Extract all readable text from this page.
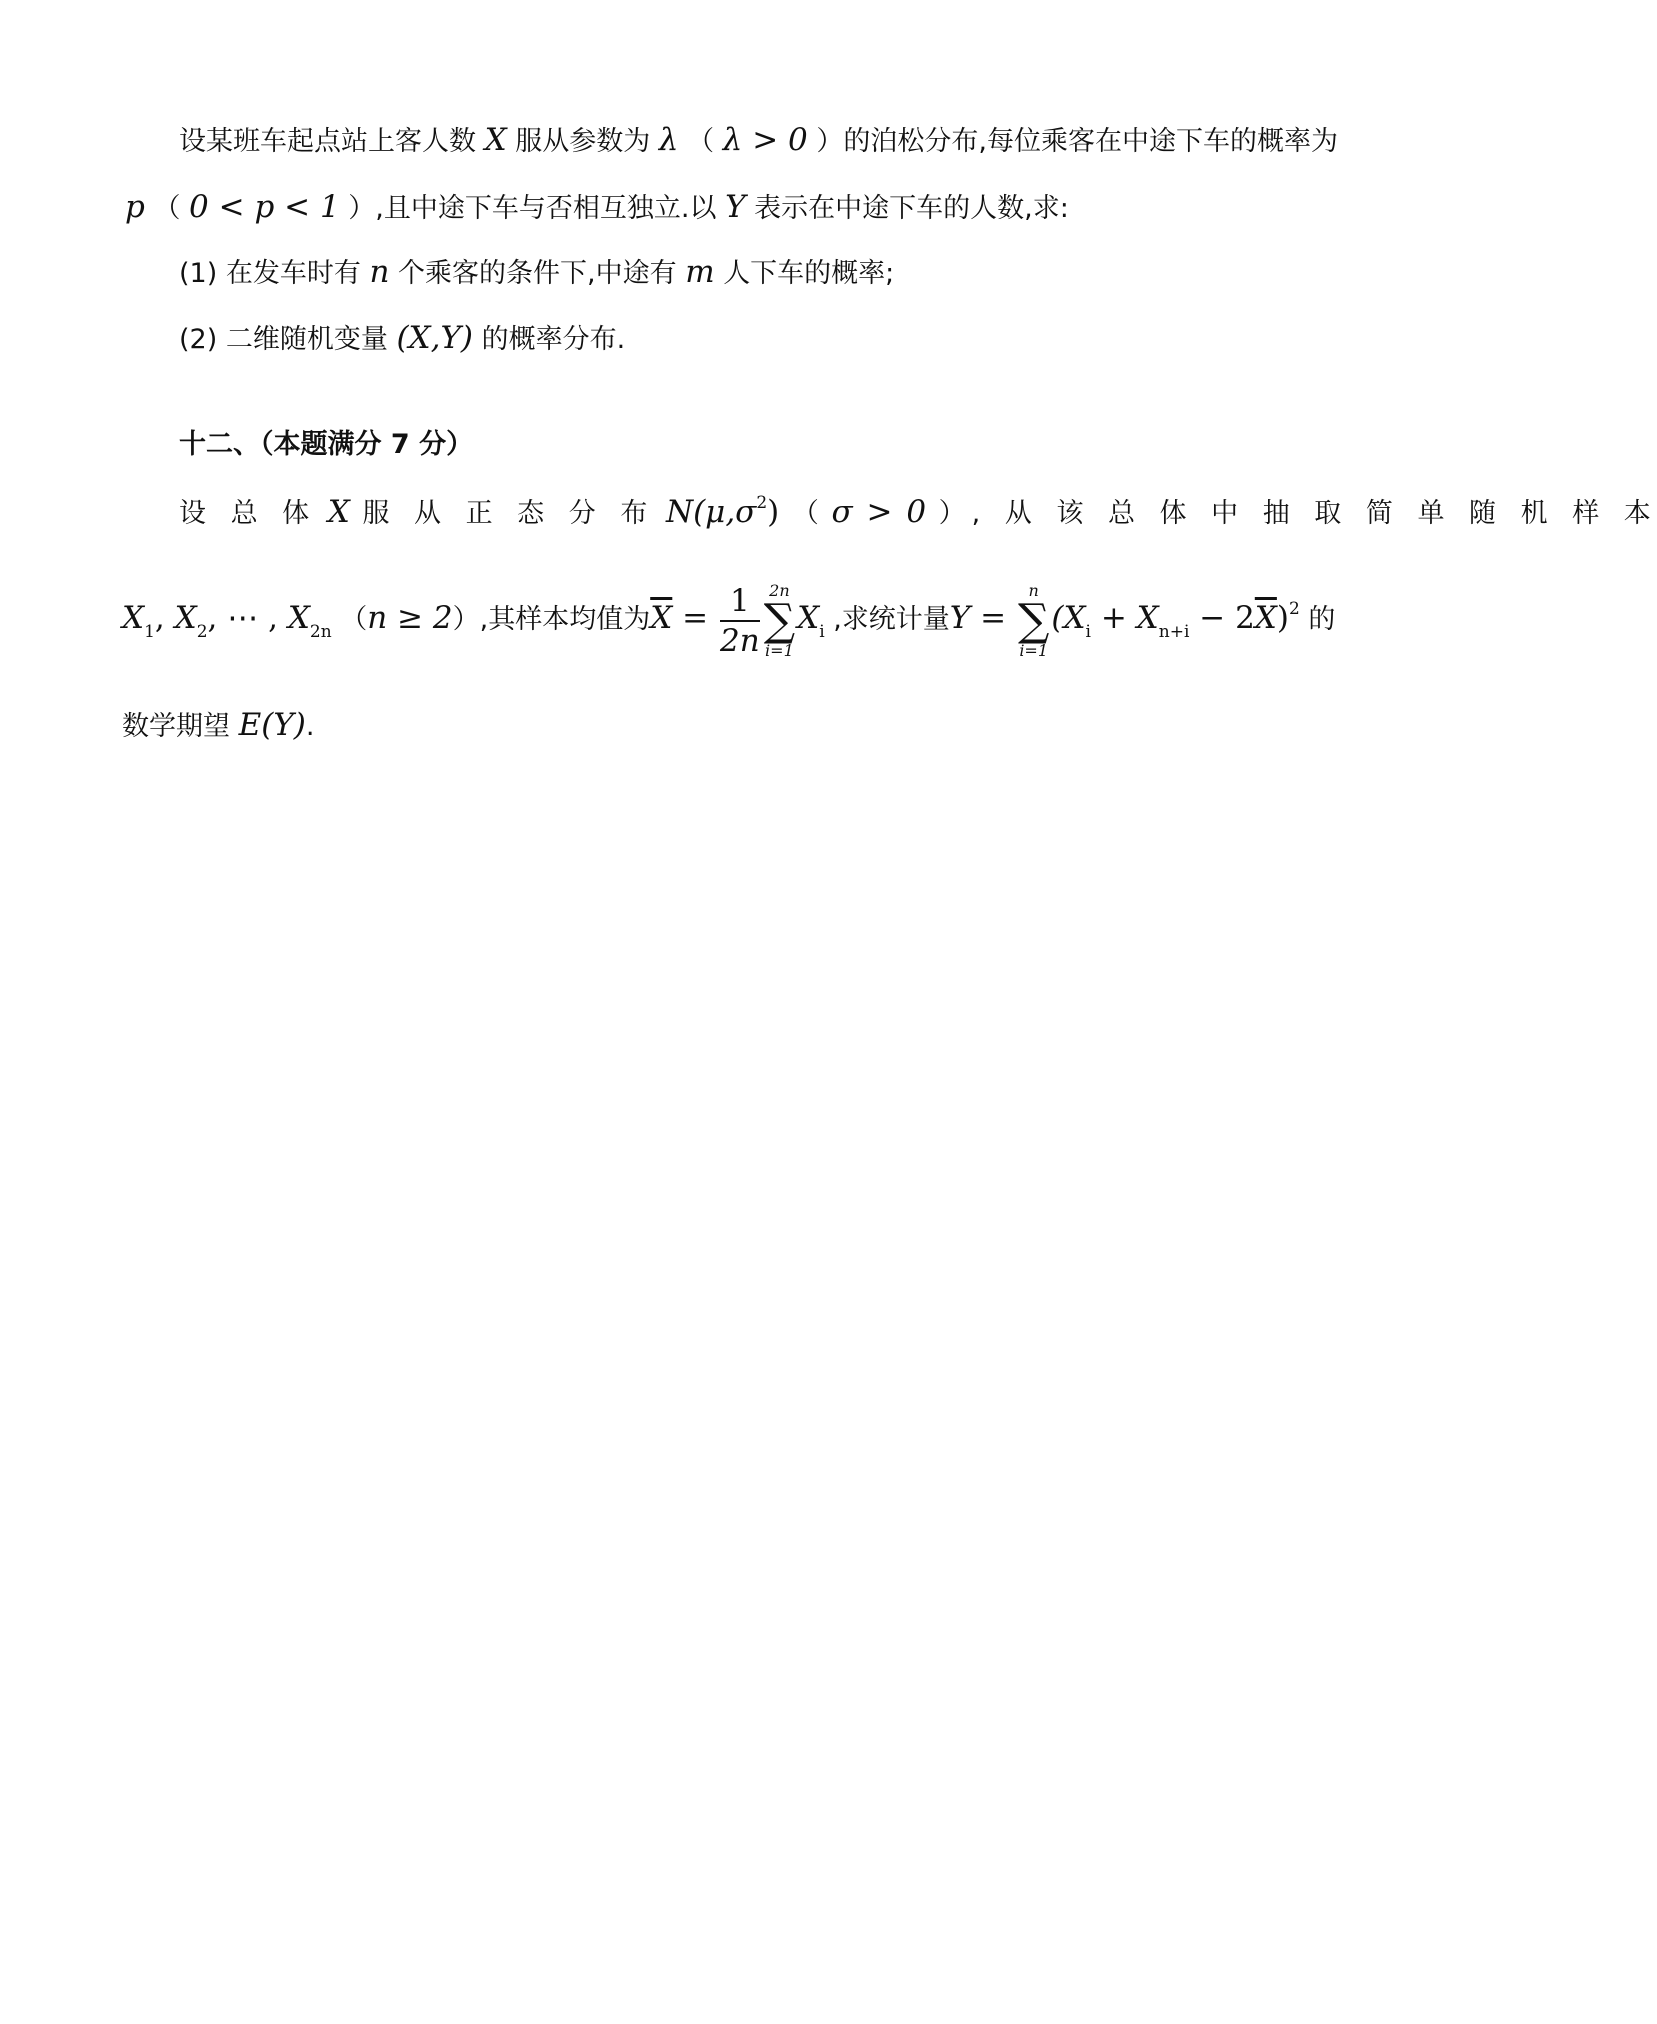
设某班车起点站上客人数 X 服从参数为 λ （ λ > 0 ）的泊松分布,每位乘客在中途下车的概率为
p （ 0 < p < 1 ）,且中途下车与否相互独立.以 Y 表示在中途下车的人数,求:
(1) 在发车时有 n 个乘客的条件下,中途有 m 人下车的概率;
(2) 二维随机变量 (X,Y) 的概率分布.
十二、（本题满分 7 分）
设 总 体 X 服 从 正 态 分 布 $N(\mu,\sigma^2)$ （ σ > 0 ）, 从 该 总 体 中 抽 取 简 单 随 机 样 本
$X_1$, $X_2$, ⋯ , $X_{2n}$ （n ≥ 2）,其样本均值为$\overline{X} = \frac{1}{2n} 2n$
∑
i=1
$X_i$ ,求统计量Y =
n
∑
i=1
$(X_i + X_{n+i} - 2\overline{X})^2$ 的
数学期望 E(Y).
